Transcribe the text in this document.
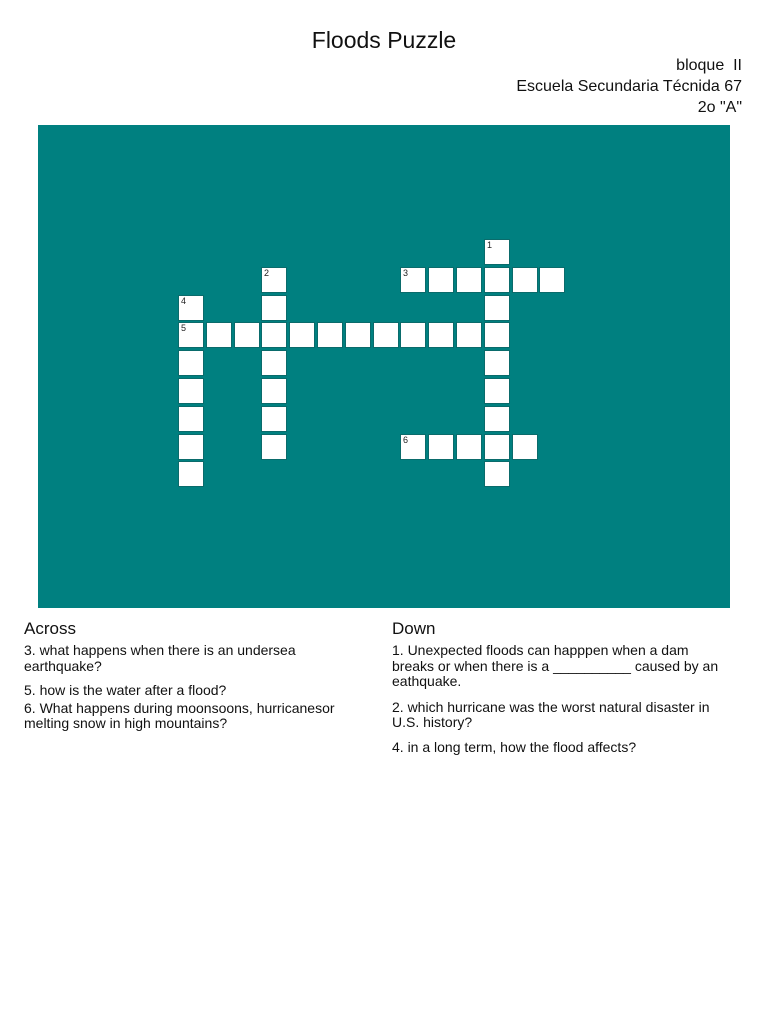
Floods Puzzle
bloque  II
Escuela Secundaria Técnida 67
2o "A"
1
2	3
4
5
6
Across

3. what happens when there is an undersea earthquake?

5. how is the water after a flood?

6. What happens during moonsoons, hurricanesor melting snow in high mountains?

Down

1. Unexpected floods can happpen when a dam breaks or when there is a __________ caused by an eathquake.

2. which hurricane was the worst natural disaster in U.S. history?

4. in a long term, how the flood affects?
